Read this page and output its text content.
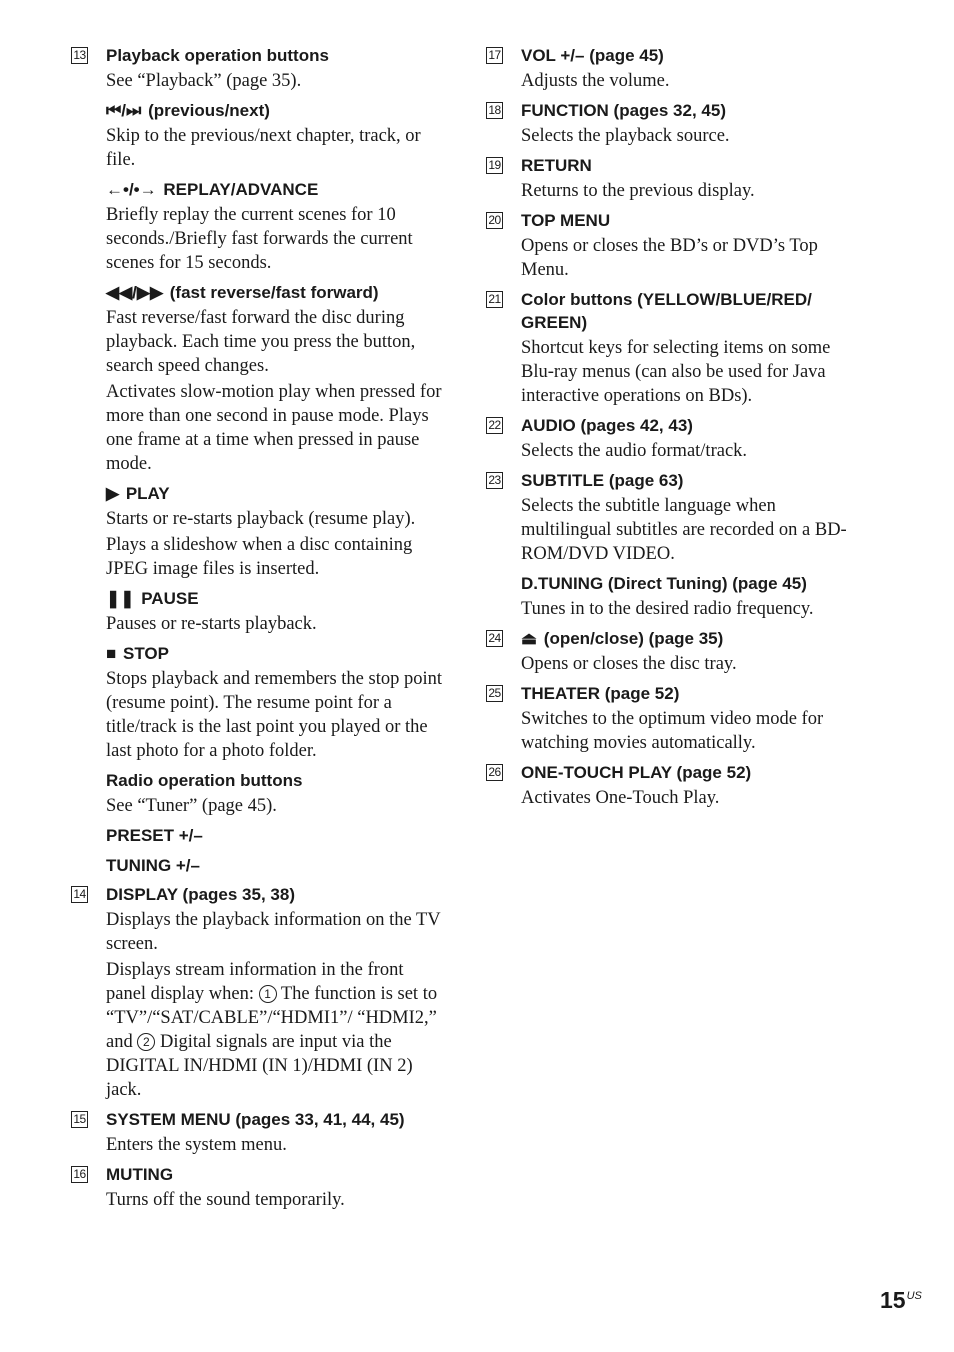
13 Playback operation buttons

See “Playback” (page 35).

⏮/⏭ (previous/next)

Skip to the previous/next chapter, track, or file.

←•/•→ REPLAY/ADVANCE

Briefly replay the current scenes for 10 seconds./Briefly fast forwards the current scenes for 15 seconds.

◀◀/▶▶ (fast reverse/fast forward)

Fast reverse/fast forward the disc during playback. Each time you press the button, search speed changes.

Activates slow-motion play when pressed for more than one second in pause mode. Plays one frame at a time when pressed in pause mode.

▶ PLAY

Starts or re-starts playback (resume play).

Plays a slideshow when a disc containing JPEG image files is inserted.

❚❚ PAUSE

Pauses or re-starts playback.

■ STOP

Stops playback and remembers the stop point (resume point). The resume point for a title/track is the last point you played or the last photo for a photo folder.

Radio operation buttons

See “Tuner” (page 45).

PRESET +/–

TUNING +/–

14 DISPLAY (pages 35, 38)

Displays the playback information on the TV screen.

Displays stream information in the front panel display when: 1 The function is set to “TV”/“SAT/CABLE”/“HDMI1”/ “HDMI2,” and 2 Digital signals are input via the DIGITAL IN/HDMI (IN 1)/HDMI (IN 2) jack.

15 SYSTEM MENU (pages 33, 41, 44, 45)

Enters the system menu.

16 MUTING

Turns off the sound temporarily.

17 VOL +/– (page 45)

Adjusts the volume.

18 FUNCTION (pages 32, 45)

Selects the playback source.

19 RETURN

Returns to the previous display.

20 TOP MENU

Opens or closes the BD’s or DVD’s Top Menu.

21 Color buttons (YELLOW/BLUE/RED/ GREEN)

Shortcut keys for selecting items on some Blu-ray menus (can also be used for Java interactive operations on BDs).

22 AUDIO (pages 42, 43)

Selects the audio format/track.

23 SUBTITLE (page 63)

Selects the subtitle language when multilingual subtitles are recorded on a BD-ROM/DVD VIDEO.

D.TUNING (Direct Tuning) (page 45)

Tunes in to the desired radio frequency.

24 ⏏ (open/close) (page 35)

Opens or closes the disc tray.

25 THEATER (page 52)

Switches to the optimum video mode for watching movies automatically.

26 ONE-TOUCH PLAY (page 52)

Activates One-Touch Play.

$15^{US}$
